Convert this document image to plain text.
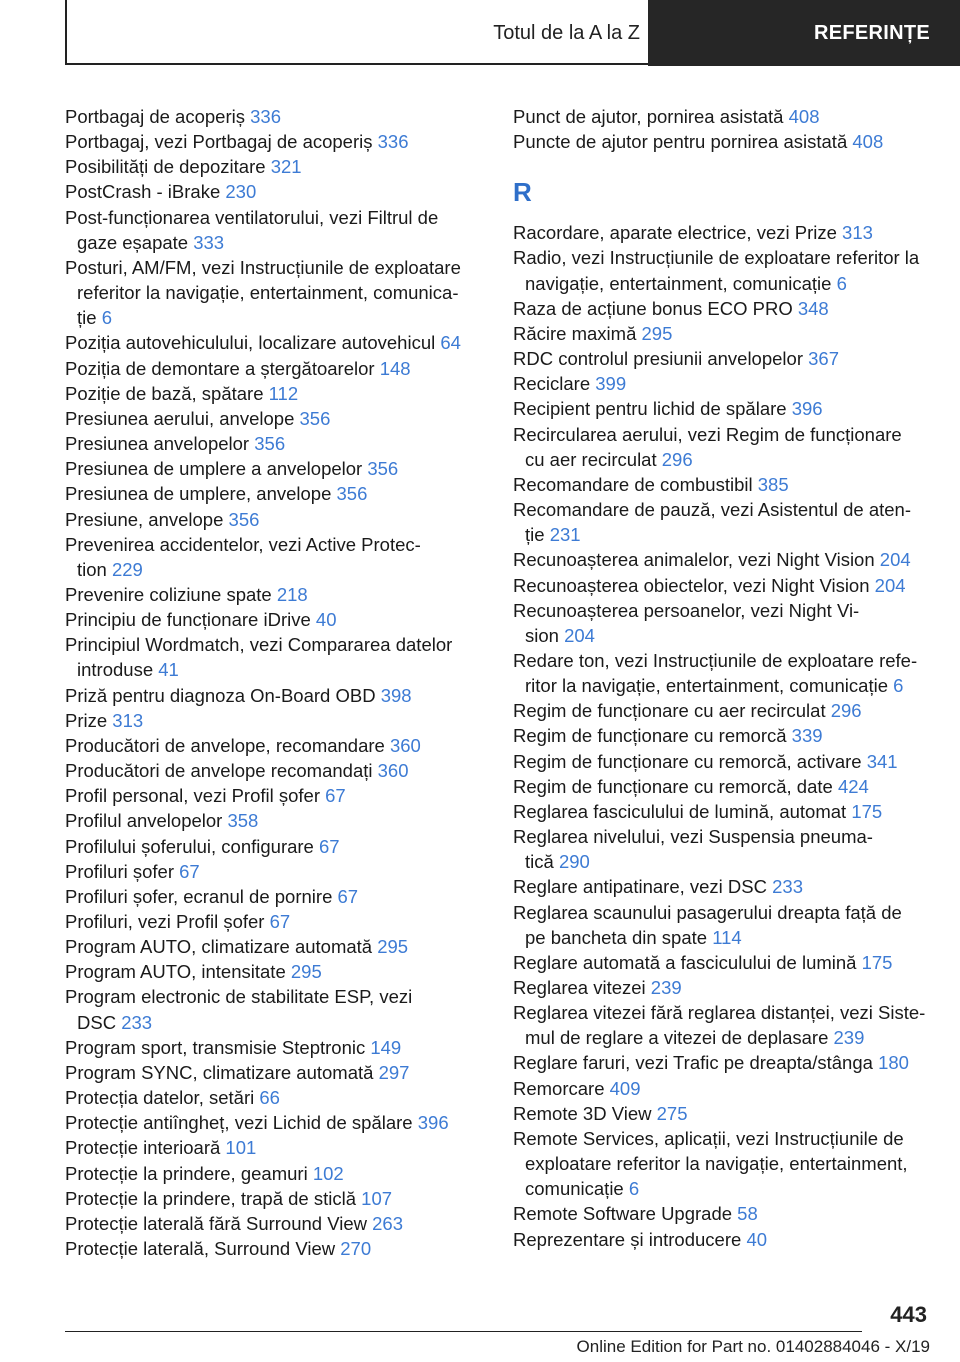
Totul de la A la Z	REFERINȚE
Portbagaj de acoperiș 336
Portbagaj, vezi Portbagaj de acoperiș 336
Posibilități de depozitare 321
PostCrash - iBrake 230
Post-funcționarea ventilatorului, vezi Filtrul de
gaze eșapate 333
Posturi, AM/FM, vezi Instrucțiunile de exploatare
referitor la navigație, entertainment, comunica-
ție 6
Poziția autovehiculului, localizare autovehicul 64
Poziția de demontare a ștergătoarelor 148
Poziție de bază, spătare 112
Presiunea aerului, anvelope 356
Presiunea anvelopelor 356
Presiunea de umplere a anvelopelor 356
Presiunea de umplere, anvelope 356
Presiune, anvelope 356
Prevenirea accidentelor, vezi Active Protec-
tion 229
Prevenire coliziune spate 218
Principiu de funcționare iDrive 40
Principiul Wordmatch, vezi Compararea datelor
introduse 41
Priză pentru diagnoza On-Board OBD 398
Prize 313
Producători de anvelope, recomandare 360
Producători de anvelope recomandați 360
Profil personal, vezi Profil șofer 67
Profilul anvelopelor 358
Profilului șoferului, configurare 67
Profiluri șofer 67
Profiluri șofer, ecranul de pornire 67
Profiluri, vezi Profil șofer 67
Program AUTO, climatizare automată 295
Program AUTO, intensitate 295
Program electronic de stabilitate ESP, vezi
DSC 233
Program sport, transmisie Steptronic 149
Program SYNC, climatizare automată 297
Protecția datelor, setări 66
Protecție antiîngheț, vezi Lichid de spălare 396
Protecție interioară 101
Protecție la prindere, geamuri 102
Protecție la prindere, trapă de sticlă 107
Protecție laterală fără Surround View 263
Protecție laterală, Surround View 270
Punct de ajutor, pornirea asistată 408
Puncte de ajutor pentru pornirea asistată 408
R
Racordare, aparate electrice, vezi Prize 313
Radio, vezi Instrucțiunile de exploatare referitor la
navigație, entertainment, comunicație 6
Raza de acțiune bonus ECO PRO 348
Răcire maximă 295
RDC controlul presiunii anvelopelor 367
Reciclare 399
Recipient pentru lichid de spălare 396
Recircularea aerului, vezi Regim de funcționare
cu aer recirculat 296
Recomandare de combustibil 385
Recomandare de pauză, vezi Asistentul de aten-
ție 231
Recunoașterea animalelor, vezi Night Vision 204
Recunoașterea obiectelor, vezi Night Vision 204
Recunoașterea persoanelor, vezi Night Vi-
sion 204
Redare ton, vezi Instrucțiunile de exploatare refe-
ritor la navigație, entertainment, comunicație 6
Regim de funcționare cu aer recirculat 296
Regim de funcționare cu remorcă 339
Regim de funcționare cu remorcă, activare 341
Regim de funcționare cu remorcă, date 424
Reglarea fasciculului de lumină, automat 175
Reglarea nivelului, vezi Suspensia pneuma-
tică 290
Reglare antipatinare, vezi DSC 233
Reglarea scaunului pasagerului dreapta față de
pe bancheta din spate 114
Reglare automată a fasciculului de lumină 175
Reglarea vitezei 239
Reglarea vitezei fără reglarea distanței, vezi Siste-
mul de reglare a vitezei de deplasare 239
Reglare faruri, vezi Trafic pe dreapta/stânga 180
Remorcare 409
Remote 3D View 275
Remote Services, aplicații, vezi Instrucțiunile de
exploatare referitor la navigație, entertainment,
comunicație 6
Remote Software Upgrade 58
Reprezentare și introducere 40
443
Online Edition for Part no. 01402884046 - X/19
